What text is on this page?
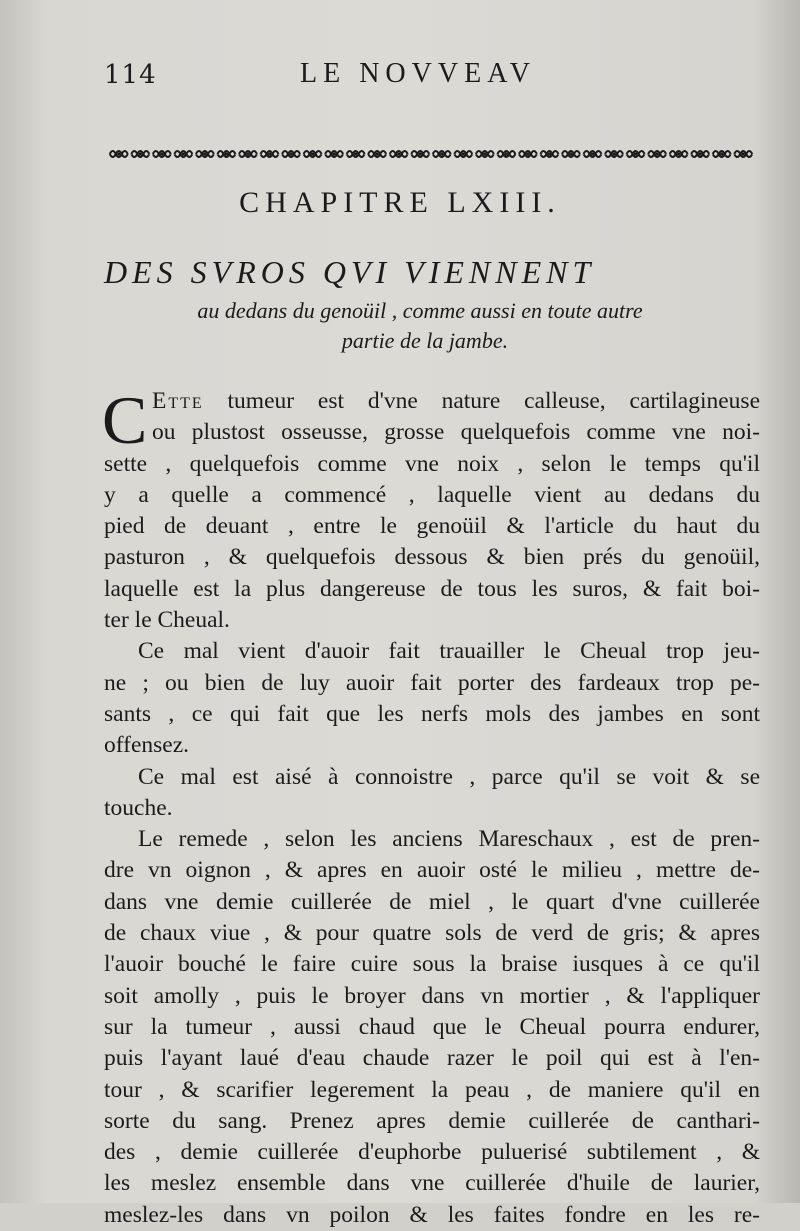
114	LE NOVVEAV
CHAPITRE LXIII.
DES SVROS QVI VIENNENT
au dedans du genoüil , comme aussi en toute autre
partie de la jambe.
C Ette tumeur est d'vne nature calleuse, cartilagineuse
ou plustost osseusse, grosse quelquefois comme vne noi-
sette , quelquefois comme vne noix , selon le temps qu'il
y a quelle a commencé , laquelle vient au dedans du
pied de deuant , entre le genoüil & l'article du haut du
pasturon , & quelquefois dessous & bien prés du genoüil,
laquelle est la plus dangereuse de tous les suros, & fait boi-
ter le Cheual.
Ce mal vient d'auoir fait trauailler le Cheual trop jeu-
ne ; ou bien de luy auoir fait porter des fardeaux trop pe-
sants , ce qui fait que les nerfs mols des jambes en sont
offensez.
Ce mal est aisé à connoistre , parce qu'il se voit & se
touche.
Le remede , selon les anciens Mareschaux , est de pren-
dre vn oignon , & apres en auoir osté le milieu , mettre de-
dans vne demie cuillerée de miel , le quart d'vne cuillerée
de chaux viue , & pour quatre sols de verd de gris; & apres
l'auoir bouché le faire cuire sous la braise iusques à ce qu'il
soit amolly , puis le broyer dans vn mortier , & l'appliquer
sur la tumeur , aussi chaud que le Cheual pourra endurer,
puis l'ayant laué d'eau chaude razer le poil qui est à l'en-
tour , & scarifier legerement la peau , de maniere qu'il en
sorte du sang. Prenez apres demie cuillerée de canthari-
des , demie cuillerée d'euphorbe puluerisé subtilement , &
les meslez ensemble dans vne cuillerée d'huile de laurier,
meslez-les dans vn poilon & les faites fondre en les re-
